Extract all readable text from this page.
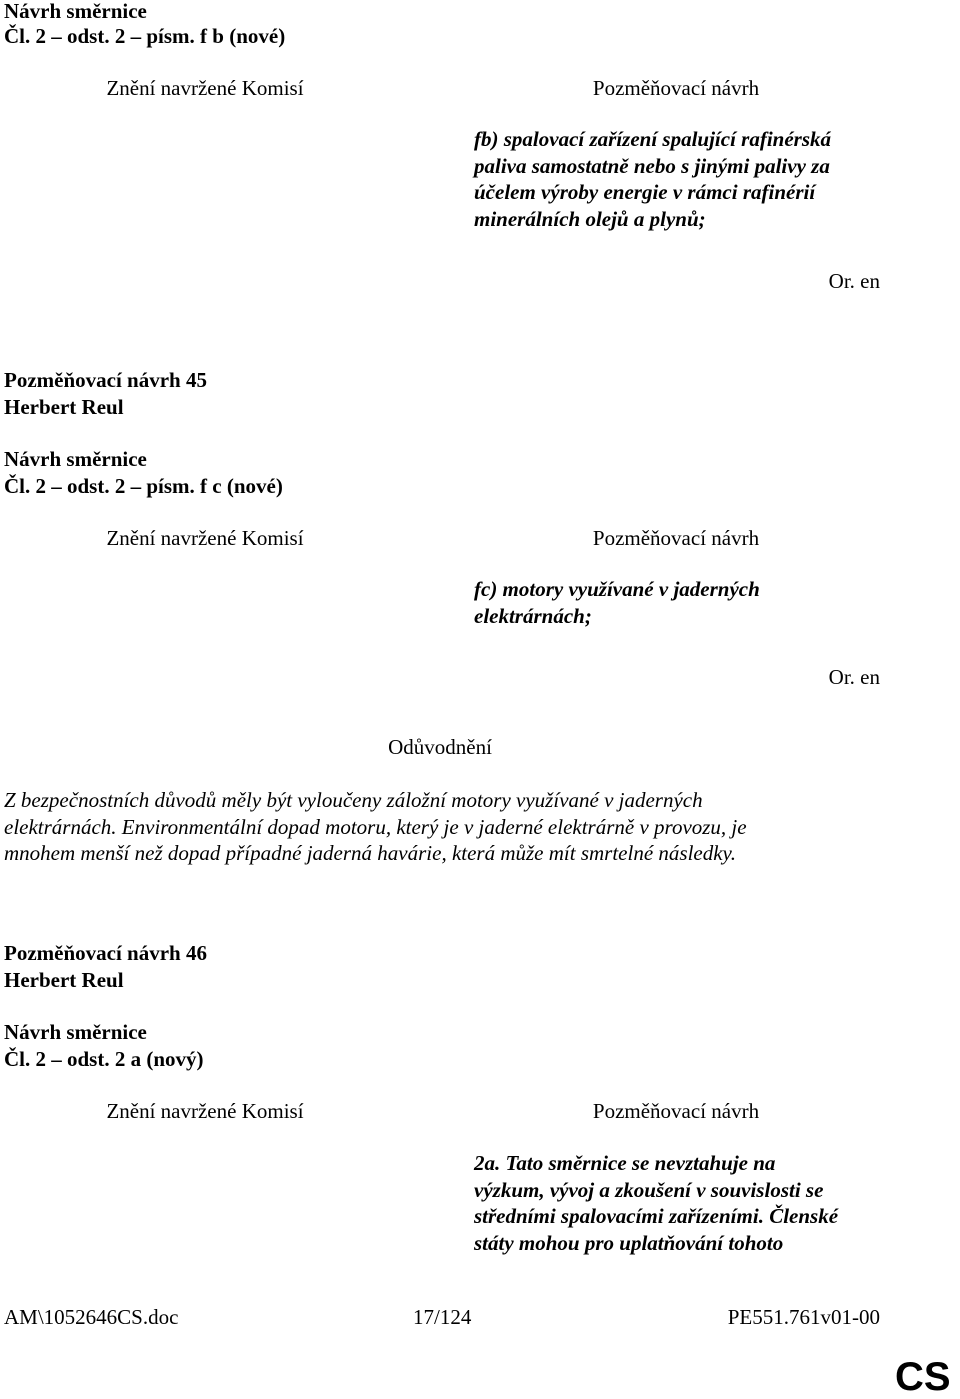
Návrh směrnice
Čl. 2 – odst. 2 – písm. f b (nové)
Znění navržené Komisí	Pozměňovací návrh
fb) spalovací zařízení spalující rafinérská
paliva samostatně nebo s jinými palivy za
účelem výroby energie v rámci rafinérií
minerálních olejů a plynů;
Or. en
Pozměňovací návrh 45
Herbert Reul
Návrh směrnice
Čl. 2 – odst. 2 – písm. f c (nové)
Znění navržené Komisí	Pozměňovací návrh
fc) motory využívané v jaderných
elektrárnách;
Or. en
Odůvodnění
Z bezpečnostních důvodů měly být vyloučeny záložní motory využívané v jaderných
elektrárnách. Environmentální dopad motoru, který je v jaderné elektrárně v provozu, je
mnohem menší než dopad případné jaderná havárie, která může mít smrtelné následky.
Pozměňovací návrh 46
Herbert Reul
Návrh směrnice
Čl. 2 – odst. 2 a (nový)
Znění navržené Komisí	Pozměňovací návrh
2a. Tato směrnice se nevztahuje na
výzkum, vývoj a zkoušení v souvislosti se
středními spalovacími zařízeními. Členské
státy mohou pro uplatňování tohoto
AM\1052646CS.doc	17/124	PE551.761v01-00
CS
